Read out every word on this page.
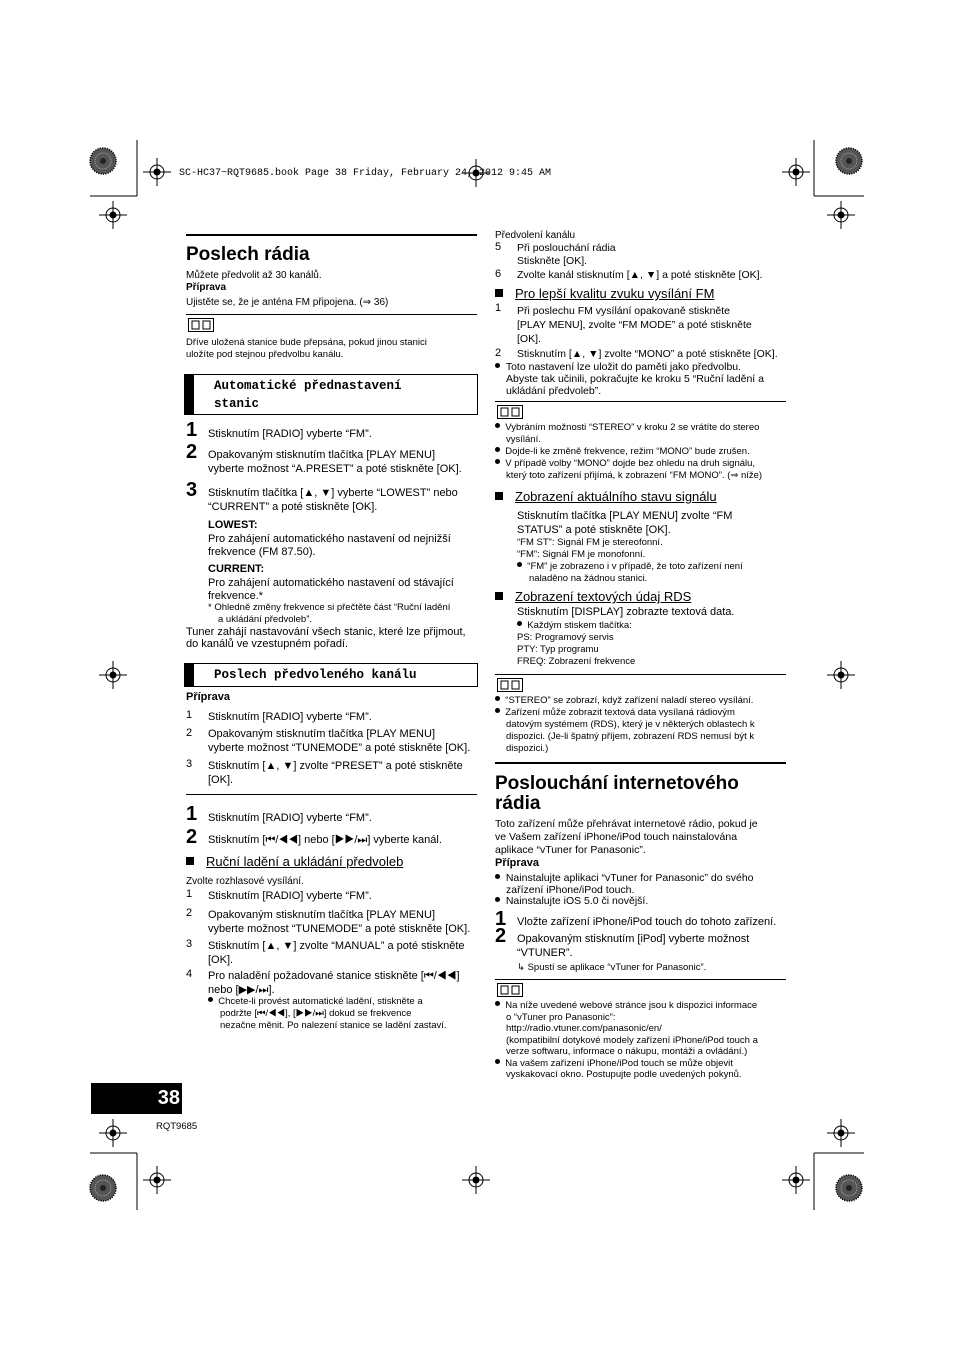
SC-HC37~RQT9685.book Page 38 Friday, February 24, 2012 9:45 AM
Poslech rádia
Můžete předvolit až 30 kanálů.
Příprava
Ujistěte se, že je anténa FM připojena. (⇒ 36)
Dříve uložená stanice bude přepsána, pokud jinou stanici
uložíte pod stejnou předvolbu kanálu.
Automatické přednastavení
stanic
1 Stisknutím [RADIO] vyberte “FM”.
2 Opakovaným stisknutím tlačítka [PLAY MENU]
vyberte možnost “A.PRESET” a poté stiskněte [OK].
3 Stisknutím tlačítka [▲, ▼] vyberte “LOWEST” nebo
“CURRENT” a poté stiskněte [OK].
LOWEST:
Pro zahájení automatického nastavení od nejnižší
frekvence (FM 87.50).
CURRENT:
Pro zahájení automatického nastavení od stávající
frekvence.*
* Ohledně změny frekvence si přečtěte část “Ruční ladění
a ukládání předvoleb”.
Tuner zahájí nastavování všech stanic, které lze přijmout,
do kanálů ve vzestupném pořadí.
Poslech předvoleného kanálu
Příprava
1 Stisknutím [RADIO] vyberte “FM”.
2 Opakovaným stisknutím tlačítka [PLAY MENU]
vyberte možnost “TUNEMODE” a poté stiskněte [OK].
3 Stisknutím [▲, ▼] zvolte “PRESET” a poté stiskněte
[OK].
1 Stisknutím [RADIO] vyberte “FM”.
2 Stisknutím [⏮/◀◀] nebo [▶▶/⏭] vyberte kanál.
Ruční ladění a ukládání předvoleb
Zvolte rozhlasové vysílání.
1 Stisknutím [RADIO] vyberte “FM”.
2 Opakovaným stisknutím tlačítka [PLAY MENU]
vyberte možnost “TUNEMODE” a poté stiskněte [OK].
3 Stisknutím [▲, ▼] zvolte “MANUAL” a poté stiskněte
[OK].
4 Pro naladění požadované stanice stiskněte [⏮/◀◀]
nebo [▶▶/⏭].
Chcete-li provést automatické ladění, stiskněte a
podržte [⏮/◀◀], [▶▶/⏭] dokud se frekvence
nezačne měnit. Po nalezení stanice se ladění zastaví.
Předvolení kanálu
5 Při poslouchání rádia
Stiskněte [OK].
6 Zvolte kanál stisknutím [▲, ▼] a poté stiskněte [OK].
Pro lepší kvalitu zvuku vysílání FM
1 Při poslechu FM vysílání opakovaně stiskněte
[PLAY MENU], zvolte “FM MODE” a poté stiskněte
[OK].
2 Stisknutím [▲, ▼] zvolte “MONO” a poté stiskněte [OK].
Toto nastavení lze uložit do paměti jako předvolbu.
Abyste tak učinili, pokračujte ke kroku 5 “Ruční ladění a
ukládání předvoleb”.
Vybráním možnosti “STEREO” v kroku 2 se vrátíte do stereo
vysílání.
Dojde-li ke změně frekvence, režim “MONO” bude zrušen.
V případě volby “MONO” dojde bez ohledu na druh signálu,
který toto zařízení přijímá, k zobrazení “FM MONO”. (⇒ níže)
Zobrazení aktuálního stavu signálu
Stisknutím tlačítka [PLAY MENU] zvolte “FM
STATUS” a poté stiskněte [OK].
“FM ST”: Signál FM je stereofonní.
“FM”: Signál FM je monofonní.
“FM” je zobrazeno i v případě, že toto zařízení není
naladěno na žádnou stanici.
Zobrazení textových údaj RDS
Stisknutím [DISPLAY] zobrazte textová data.
Každým stiskem tlačítka:
PS: Programový servis
PTY: Typ programu
FREQ: Zobrazení frekvence
“STEREO” se zobrazí, když zařízení naladí stereo vysílání.
Zařízení může zobrazit textová data vysílaná rádiovým
datovým systémem (RDS), který je v některých oblastech k
dispozici. (Je-li špatný příjem, zobrazení RDS nemusí být k
dispozici.)
Poslouchání internetového
rádia
Toto zařízení může přehrávat internetové rádio, pokud je
ve Vašem zařízení iPhone/iPod touch nainstalována
aplikace “vTuner for Panasonic”.
Příprava
Nainstalujte aplikaci “vTuner for Panasonic” do svého
zařízení iPhone/iPod touch.
Nainstalujte iOS 5.0 či novější.
1 Vložte zařízení iPhone/iPod touch do tohoto zařízení.
2 Opakovaným stisknutím [iPod] vyberte možnost
“VTUNER”.
↳ Spustí se aplikace “vTuner for Panasonic”.
Na níže uvedené webové stránce jsou k dispozici informace
o “vTuner pro Panasonic”:
http://radio.vtuner.com/panasonic/en/
(kompatibilní dotykové modely zařízení iPhone/iPod touch a
verze softwaru, informace o nákupu, montáži a ovládání.)
Na vašem zařízení iPhone/iPod touch se může objevit
vyskakovací okno. Postupujte podle uvedených pokynů.
38
RQT9685
